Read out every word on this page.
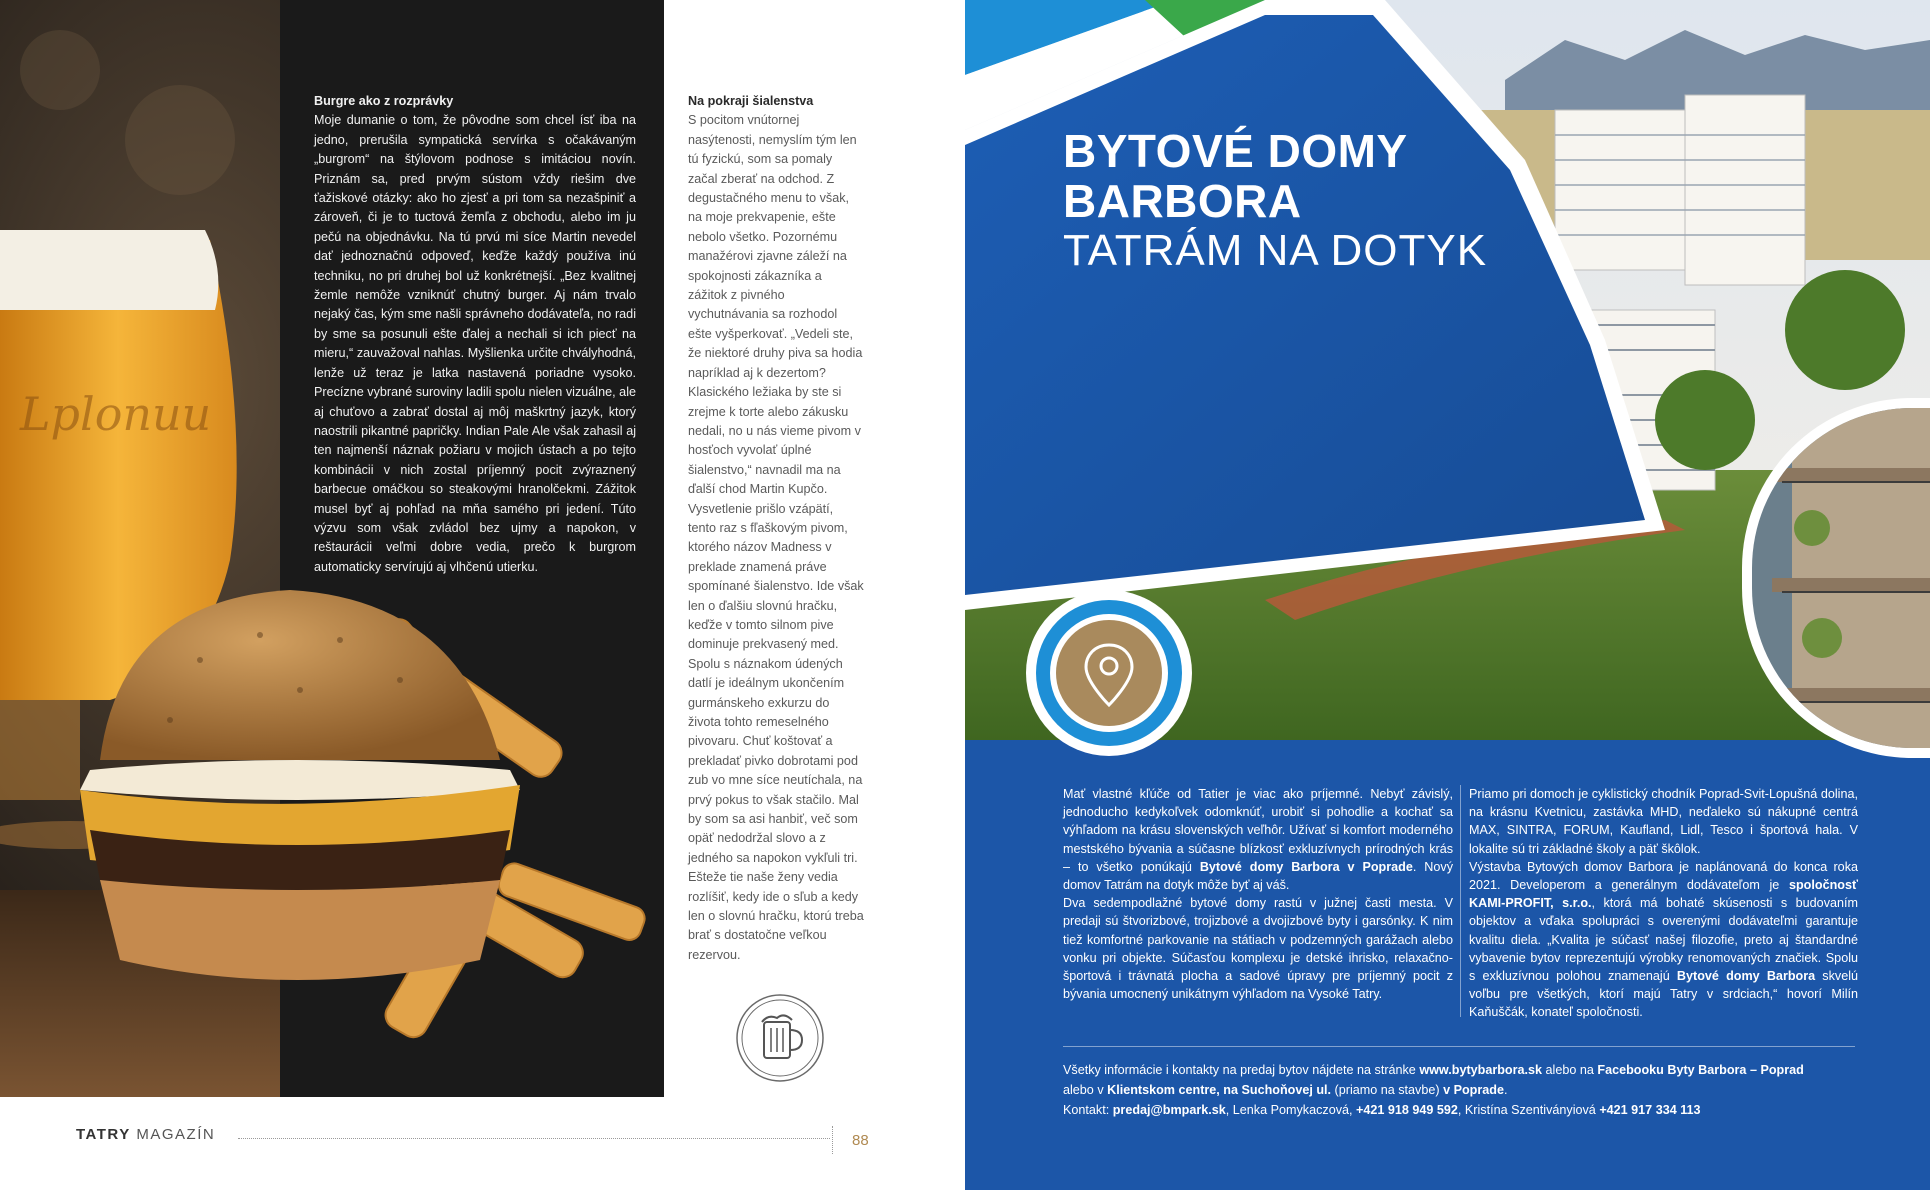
Lplonuu
Burgre ako z rozprávky
Moje dumanie o tom, že pôvodne som chcel ísť iba na jedno, prerušila sympatická servírka s očakávaným „burgrom“ na štýlovom podnose s imitáciou novín. Priznám sa, pred prvým sústom vždy riešim dve ťažiskové otázky: ako ho zjesť a pri tom sa nezašpiniť a zároveň, či je to tuctová žemľa z obchodu, alebo im ju pečú na objednávku. Na tú prvú mi síce Martin nevedel dať jednoznačnú odpoveď, keďže každý používa inú techniku, no pri druhej bol už konkrétnejší. „Bez kvalitnej žemle nemôže vzniknúť chutný burger. Aj nám trvalo nejaký čas, kým sme našli správneho dodávateľa, no radi by sme sa posunuli ešte ďalej a nechali si ich piecť na mieru,“ zauvažoval nahlas. Myšlienka určite chvályhodná, lenže už teraz je latka nastavená poriadne vysoko. Precízne vybrané suroviny ladili spolu nielen vizuálne, ale aj chuťovo a zabrať dostal aj môj maškrtný jazyk, ktorý naostrili pikantné papričky. Indian Pale Ale však zahasil aj ten najmenší náznak požiaru v mojich ústach a po tejto kombinácii v nich zostal príjemný pocit zvýraznený barbecue omáčkou so steakovými hranolčekmi. Zážitok musel byť aj pohľad na mňa samého pri jedení. Túto výzvu som však zvládol bez ujmy a napokon, v reštaurácii veľmi dobre vedia, prečo k burgrom automaticky servírujú aj vlhčenú utierku.
Na pokraji šialenstva
S pocitom vnútornej nasýtenosti, nemyslím tým len tú fyzickú, som sa pomaly začal zberať na odchod. Z degustačného menu to však, na moje prekvapenie, ešte nebolo všetko. Pozornému manažérovi zjavne záleží na spokojnosti zákazníka a zážitok z pivného vychutnávania sa rozhodol ešte vyšperkovať. „Vedeli ste, že niektoré druhy piva sa hodia napríklad aj k dezertom? Klasického ležiaka by ste si zrejme k torte alebo zákusku nedali, no u nás vieme pivom v hosťoch vyvolať úplné šialenstvo,“ navnadil ma na ďalší chod Martin Kupčo. Vysvetlenie prišlo vzápätí, tento raz s fľaškovým pivom, ktorého názov Madness v preklade znamená práve spomínané šialenstvo. Ide však len o ďalšiu slovnú hračku, keďže v tomto silnom pive dominuje prekvasený med. Spolu s náznakom údených datlí je ideálnym ukončením gurmánskeho exkurzu do života tohto remeselného pivovaru. Chuť koštovať a prekladať pivko dobrotami pod zub vo mne síce neutíchala, na prvý pokus to však stačilo. Mal by som sa asi hanbiť, več som opäť nedodržal slovo a z jedného sa napokon vykľuli tri. Ešteže tie naše ženy vedia rozlíšiť, kedy ide o sľub a kedy len o slovnú hračku, ktorú treba brať s dostatočne veľkou rezervou.
TATRY MAGAZÍN	88
BYTOVÉ DOMY
BARBORA
TATRÁM NA DOTYK
Mať vlastné kľúče od Tatier je viac ako príjemné. Nebyť závislý, jednoducho kedykoľvek odomknúť, urobiť si pohodlie a kochať sa výhľadom na krásu slovenských veľhôr. Užívať si komfort moderného mestského bývania a súčasne blízkosť exkluzívnych prírodných krás – to všetko ponúkajú Bytové domy Barbora v Poprade. Nový domov Tatrám na dotyk môže byť aj váš.
Dva sedempodlažné bytové domy rastú v južnej časti mesta. V predaji sú štvorizbové, trojizbové a dvojizbové byty i garsónky. K nim tiež komfortné parkovanie na státiach v podzemných garážach alebo vonku pri objekte. Súčasťou komplexu je detské ihrisko, relaxačno-športová i trávnatá plocha a sadové úpravy pre príjemný pocit z bývania umocnený unikátnym výhľadom na Vysoké Tatry.
Priamo pri domoch je cyklistický chodník Poprad-Svit-Lopušná dolina, na krásnu Kvetnicu, zastávka MHD, neďaleko sú nákupné centrá MAX, SINTRA, FORUM, Kaufland, Lidl, Tesco i športová hala. V lokalite sú tri základné školy a päť škôlok.
Výstavba Bytových domov Barbora je naplánovaná do konca roka 2021. Developerom a generálnym dodávateľom je spoločnosť KAMI-PROFIT, s.r.o., ktorá má bohaté skúsenosti s budovaním objektov a vďaka spolupráci s overenými dodávateľmi garantuje kvalitu diela. „Kvalita je súčasť našej filozofie, preto aj štandardné vybavenie bytov reprezentujú výrobky renomovaných značiek. Spolu s exkluzívnou polohou znamenajú Bytové domy Barbora skvelú voľbu pre všetkých, ktorí majú Tatry v srdciach,“ hovorí Milín Kaňuščák, konateľ spoločnosti.
Všetky informácie i kontakty na predaj bytov nájdete na stránke www.bytybarbora.sk alebo na Facebooku Byty Barbora – Poprad
alebo v Klientskom centre, na Suchoňovej ul. (priamo na stavbe) v Poprade.
Kontakt: predaj@bmpark.sk, Lenka Pomykaczová, +421 918 949 592, Kristína Szentiványiová +421 917 334 113
